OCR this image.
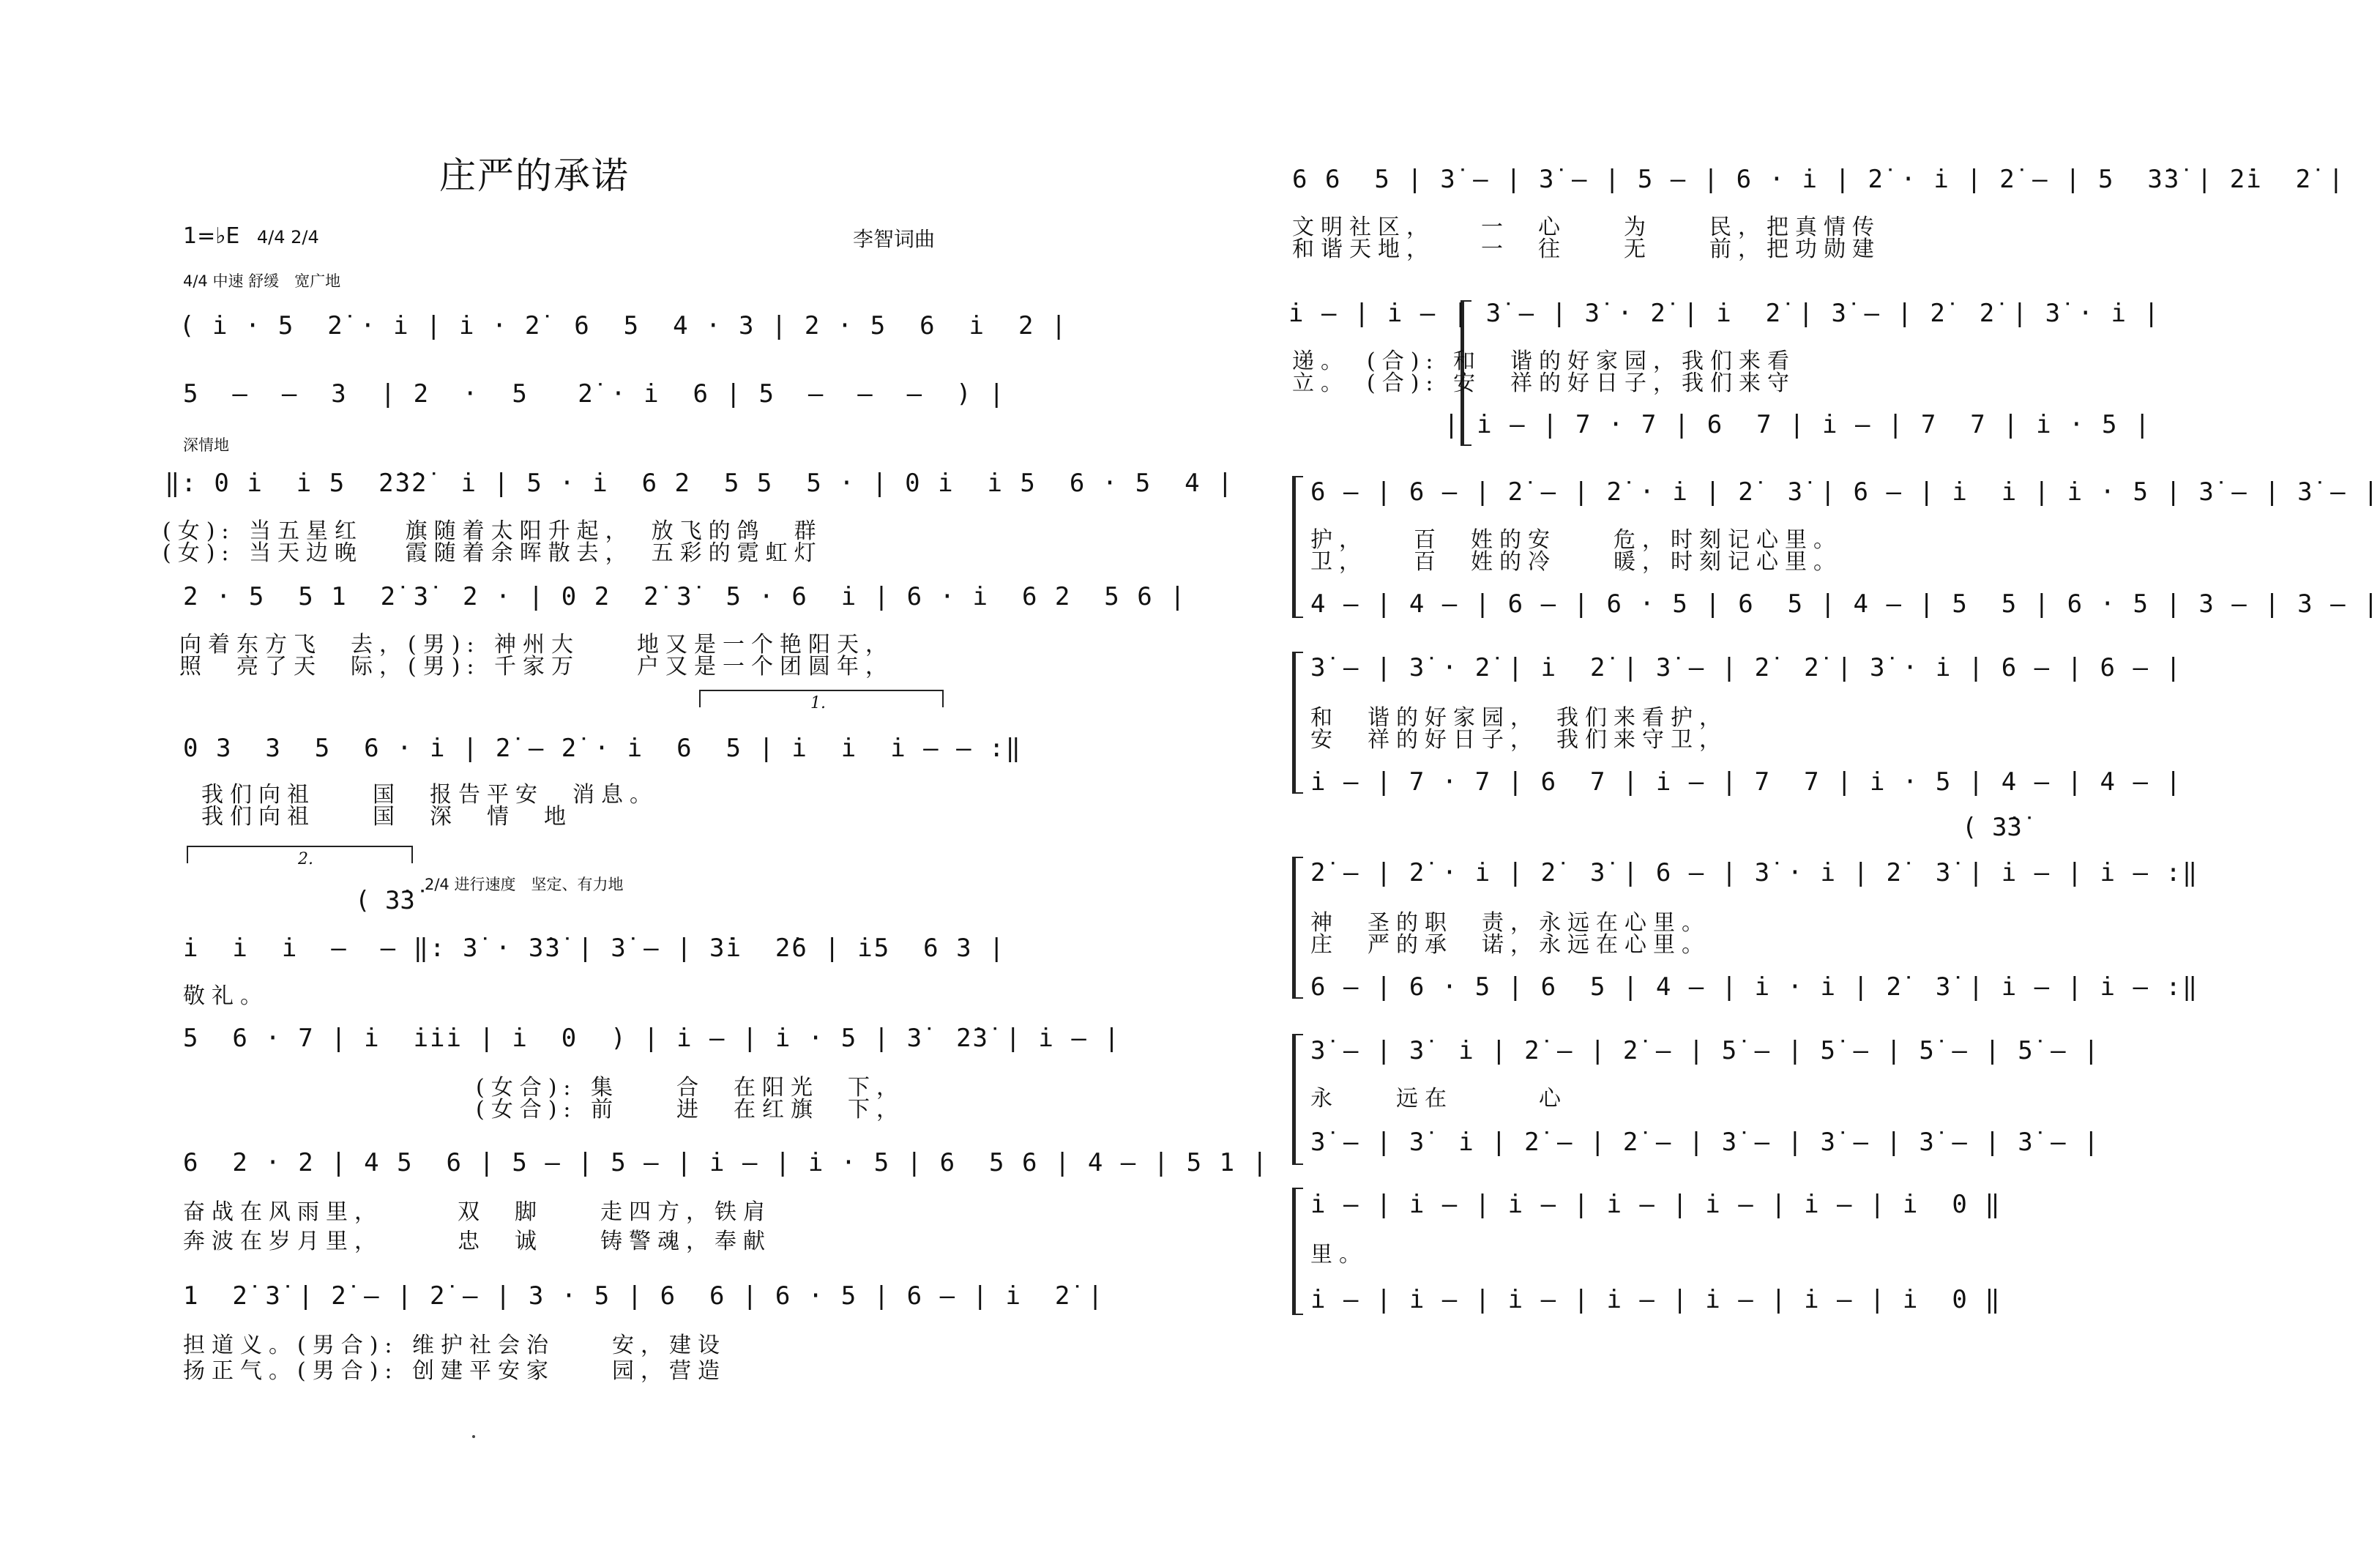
庄严的承诺
1=♭E 4/4 2/4	李智词曲
4/4 中速 舒缓　宽广地
( i̇ · 5  2̇ · i̇ | i̇ · 2̇  6  5  4 · 3 | 2 · 5  6  i̇  2 |
5  —  —  3  | 2  ·  5   2̇ · i̇  6 | 5  —  —  —  ) |
深情地
‖: 0 i̇  i̇ 5  2̇3̇2̇  i̇ | 5 · i̇  6 2  5 5  5 · | 0 i̇  i̇ 5  6 · 5  4 |
(女): 当五星红　 旗随着太阳升起，　放飞的鸽　群
(女): 当天边晚　 霞随着余晖散去，　五彩的霓虹灯
2 · 5  5 1  2̇ 3̇  2 · | 0 2  2̇ 3̇  5 · 6  i̇ | 6 · i̇  6 2  5 6 |
向着东方飞　去，(男): 神州大　　地又是一个艳阳天，
照　亮了天　际，(男): 千家万　　户又是一个团圆年，
1.
0 3  3  5  6 · i̇ | 2̇ — 2̇ · i̇  6  5 | i̇  i̇  i̇ — — :‖
我们向祖　　国　报告平安　消息。
我们向祖　　国　深　情　地
2.
2/4 进行速度　坚定、有力地
( 3̇3̇
i̇  i̇  i̇  —  — ‖: 3̇ · 3̇3̇ | 3̇ — | 3̇i̇  2̇6 | i̇5  6 3 |
敬礼。
5  6 · 7 | i̇  i̇i̇i̇ | i̇  0  ) | i̇ — | i̇ · 5 | 3̇  2̇3̇ | i̇ — |
(女合): 集　　合　在阳光　下，
(女合): 前　　进　在红旗　下，
6  2 · 2 | 4 5  6 | 5 — | 5 — | i̇ — | i̇ · 5 | 6  5 6 | 4 — | 5 1 |
奋战在风雨里，　　　双　脚　　走四方，铁肩
奔波在岁月里，　　　忠　诚　　铸警魂，奉献
1  2̇ 3̇ | 2̇ — | 2̇ — | 3 · 5 | 6  6 | 6 · 5 | 6 — | i̇  2̇ |
担道义。(男合): 维护社会治　　安，建设
扬正气。(男合): 创建平安家　　园，营造
6 6  5 | 3̇ — | 3̇ — | 5 — | 6 · i̇ | 2̇ · i̇ | 2̇ — | 5  3̇3̇ | 2̇i̇  2̇ |
文明社区，　　一　心　　为　　民，把真情传
和谐天地，　　一　往　　无　　前，把功勋建
i̇ — | i̇ — | 3̇ — | 3̇ · 2̇ | i̇  2̇ | 3̇ — | 2̇  2̇ | 3̇ · i̇ |
递。　(合): 和　谐的好家园，我们来看
立。　(合): 安　祥的好日子，我们来守
| i̇ — | 7 · 7 | 6  7 | i̇ — | 7  7 | i̇ · 5 |
6 — | 6 — | 2̇ — | 2̇ · i̇ | 2̇  3̇ | 6 — | i̇  i̇ | i̇ · 5 | 3̇ — | 3̇ — |
护，　　百　姓的安　　危，时刻记心里。
卫，　　百　姓的冷　　暖，时刻记心里。
4 — | 4 — | 6 — | 6 · 5 | 6  5 | 4 — | 5  5 | 6 · 5 | 3 — | 3 — |
3̇ — | 3̇ · 2̇ | i̇  2̇ | 3̇ — | 2̇  2̇ | 3̇ · i̇ | 6 — | 6 — |
和　谐的好家园，　我们来看护，
安　祥的好日子，　我们来守卫，
i̇ — | 7 · 7 | 6  7 | i̇ — | 7  7 | i̇ · 5 | 4 — | 4 — |
( 3̇3̇
2̇ — | 2̇ · i̇ | 2̇  3̇ | 6 — | 3̇ · i̇ | 2̇  3̇ | i̇ — | i̇ — :‖
神　圣的职　责，永远在心里。
庄　严的承　诺，永远在心里。
6 — | 6 · 5 | 6  5 | 4 — | i̇ · i̇ | 2̇  3̇ | i̇ — | i̇ — :‖
3̇ — | 3̇  i̇ | 2̇ — | 2̇ — | 5̇ — | 5̇ — | 5̇ — | 5̇ — |
永　　远在　　　心
3̇ — | 3̇  i̇ | 2̇ — | 2̇ — | 3̇ — | 3̇ — | 3̇ — | 3̇ — |
i̇ — | i̇ — | i̇ — | i̇ — | i̇ — | i̇ — | i̇  0 ‖
里。
i̇ — | i̇ — | i̇ — | i̇ — | i̇ — | i̇ — | i̇  0 ‖
